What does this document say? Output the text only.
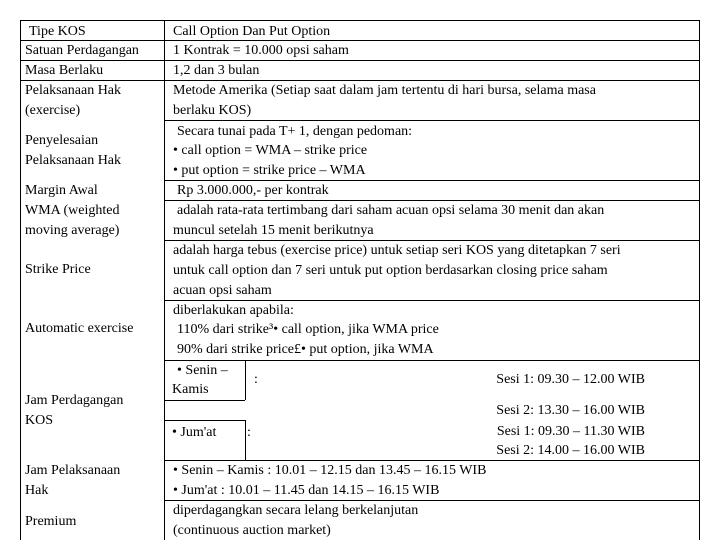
Tipe KOS
Satuan Perdagangan
Masa Berlaku
Pelaksanaan Hak
(exercise)
Penyelesaian
Pelaksanaan Hak
Margin Awal
WMA (weighted
moving average)
Strike Price
Automatic exercise
Jam Perdagangan
KOS
Jam Pelaksanaan
Hak
Premium
Call Option Dan Put Option
1 Kontrak = 10.000 opsi saham
1,2 dan 3 bulan
Metode Amerika (Setiap saat dalam jam tertentu di hari bursa, selama masa
berlaku KOS)
Secara tunai pada T+ 1, dengan pedoman:
• call option = WMA – strike price
• put option = strike price – WMA
Rp 3.000.000,- per kontrak
adalah rata-rata tertimbang dari saham acuan opsi selama 30 menit dan akan
muncul setelah 15 menit berikutnya
adalah harga tebus (exercise price) untuk setiap seri KOS yang ditetapkan 7 seri
untuk call option dan 7 seri untuk put option berdasarkan closing price saham
acuan opsi saham
diberlakukan apabila:
110% dari strike³• call option, jika WMA price
90% dari strike price£• put option, jika WMA
• Senin –
Kamis
:	Sesi 1: 09.30 – 12.00 WIB
Sesi 2: 13.30 – 16.00 WIB
• Jum'at :	Sesi 1: 09.30 – 11.30 WIB
Sesi 2: 14.00 – 16.00 WIB
• Senin – Kamis : 10.01 – 12.15 dan 13.45 – 16.15 WIB
• Jum'at : 10.01 – 11.45 dan 14.15 – 16.15 WIB
diperdagangkan secara lelang berkelanjutan
(continuous auction market)
